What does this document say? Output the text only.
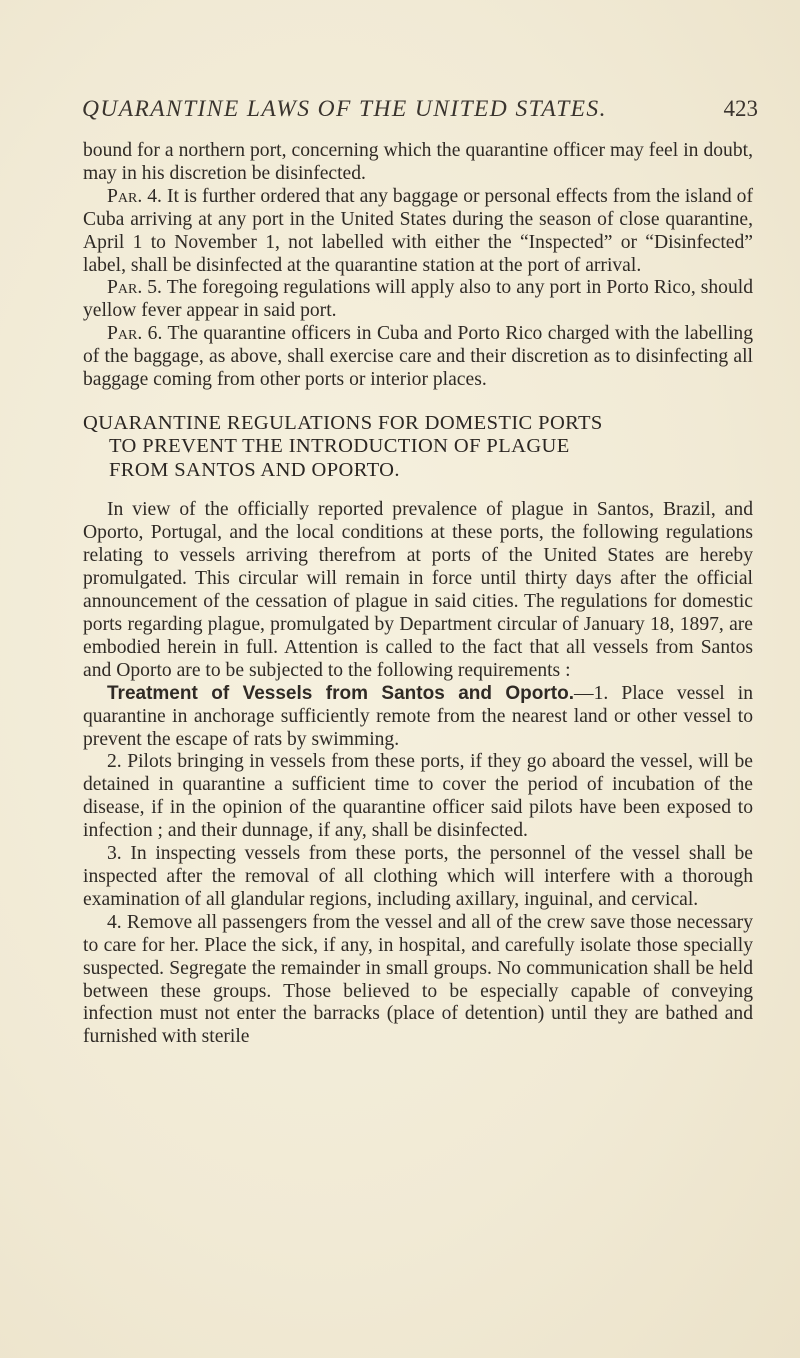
QUARANTINE LAWS OF THE UNITED STATES.	423

bound for a northern port, concerning which the quarantine officer may feel in doubt, may in his discretion be disinfected.

Par. 4. It is further ordered that any baggage or personal effects from the island of Cuba arriving at any port in the United States during the season of close quarantine, April 1 to November 1, not labelled with either the “Inspected” or “Disinfected” label, shall be disinfected at the quarantine station at the port of arrival.

Par. 5. The foregoing regulations will apply also to any port in Porto Rico, should yellow fever appear in said port.

Par. 6. The quarantine officers in Cuba and Porto Rico charged with the labelling of the baggage, as above, shall exercise care and their discretion as to disinfecting all baggage coming from other ports or interior places.

QUARANTINE REGULATIONS FOR DOMESTIC PORTS
TO PREVENT THE INTRODUCTION OF PLAGUE
FROM SANTOS AND OPORTO.

In view of the officially reported prevalence of plague in Santos, Brazil, and Oporto, Portugal, and the local conditions at these ports, the following regulations relating to vessels arriving therefrom at ports of the United States are hereby promulgated. This circular will remain in force until thirty days after the official announcement of the cessation of plague in said cities. The regulations for domestic ports regarding plague, promulgated by Department circular of January 18, 1897, are embodied herein in full. Attention is called to the fact that all vessels from Santos and Oporto are to be subjected to the following requirements :

Treatment of Vessels from Santos and Oporto.—1. Place vessel in quarantine in anchorage sufficiently remote from the nearest land or other vessel to prevent the escape of rats by swimming.

2. Pilots bringing in vessels from these ports, if they go aboard the vessel, will be detained in quarantine a sufficient time to cover the period of incubation of the disease, if in the opinion of the quarantine officer said pilots have been exposed to infection ; and their dunnage, if any, shall be disinfected.

3. In inspecting vessels from these ports, the personnel of the vessel shall be inspected after the removal of all clothing which will interfere with a thorough examination of all glandular regions, including axillary, inguinal, and cervical.

4. Remove all passengers from the vessel and all of the crew save those necessary to care for her. Place the sick, if any, in hospital, and carefully isolate those specially suspected. Segregate the remainder in small groups. No communication shall be held between these groups. Those believed to be especially capable of conveying infection must not enter the barracks (place of detention) until they are bathed and furnished with sterile
